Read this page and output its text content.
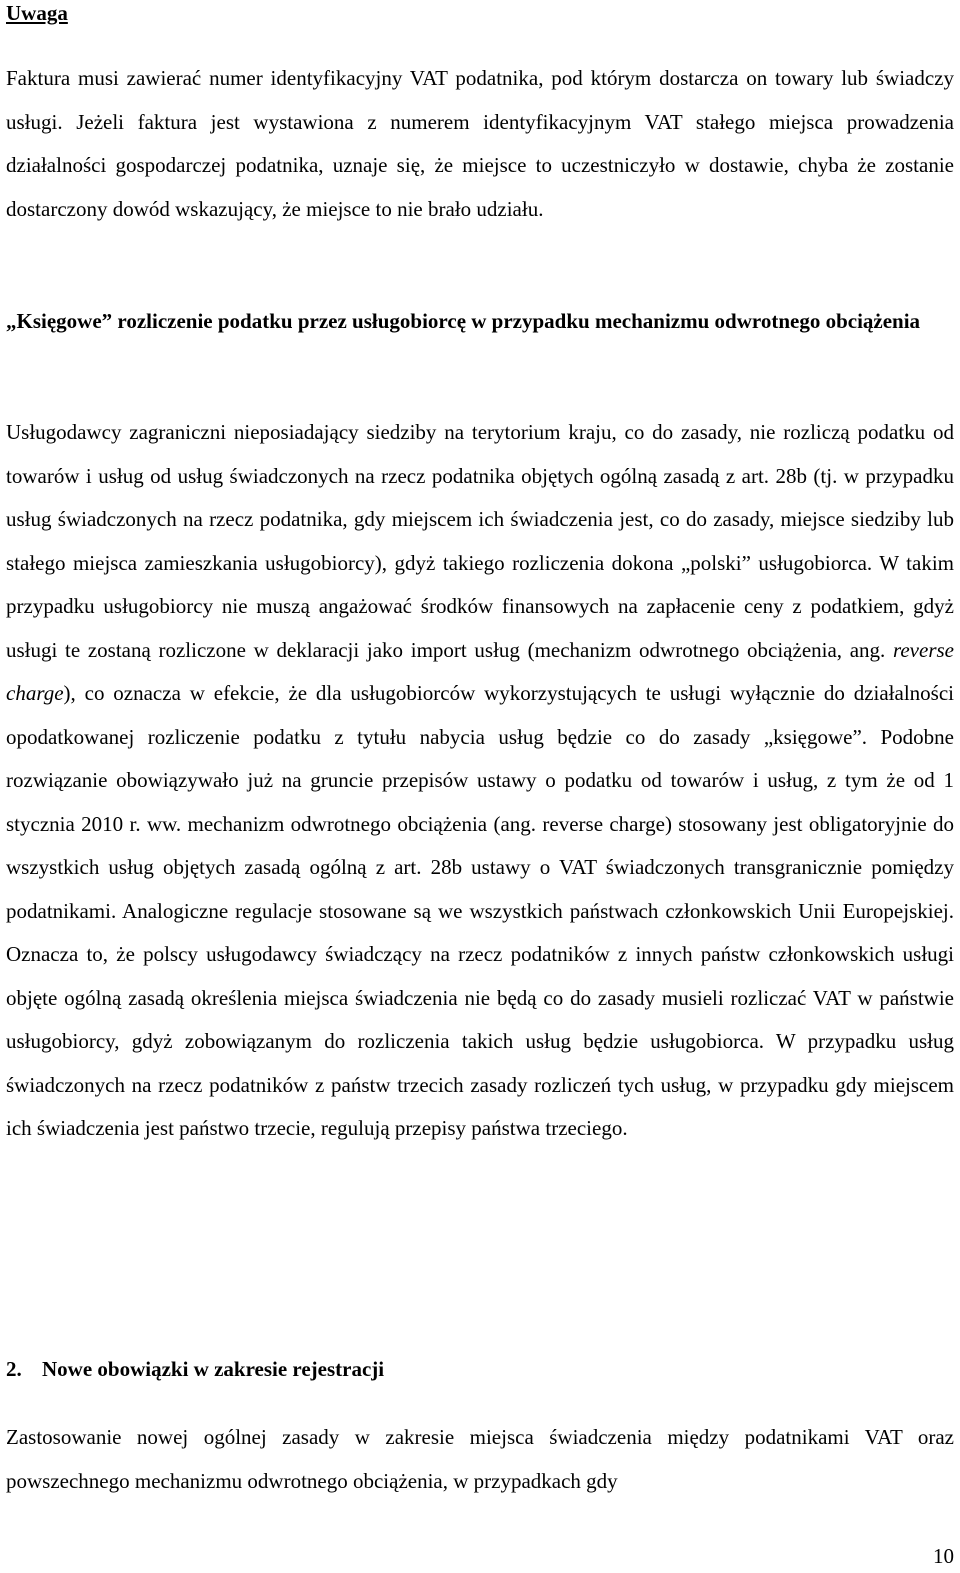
Uwaga

Faktura musi zawierać numer identyfikacyjny VAT podatnika, pod którym dostarcza on towary lub świadczy usługi. Jeżeli faktura jest wystawiona z numerem identyfikacyjnym VAT stałego miejsca prowadzenia działalności gospodarczej podatnika, uznaje się, że miejsce to uczestniczyło w dostawie, chyba że zostanie dostarczony dowód wskazujący, że miejsce to nie brało udziału.

„Księgowe” rozliczenie podatku przez usługobiorcę w przypadku mechanizmu odwrotnego obciążenia

Usługodawcy zagraniczni nieposiadający siedziby na terytorium kraju, co do zasady, nie rozliczą podatku od towarów i usług od usług świadczonych na rzecz podatnika objętych ogólną zasadą z art. 28b (tj. w przypadku usług świadczonych na rzecz podatnika, gdy miejscem ich świadczenia jest, co do zasady, miejsce siedziby lub stałego miejsca zamieszkania usługobiorcy), gdyż takiego rozliczenia dokona „polski” usługobiorca. W takim przypadku usługobiorcy nie muszą angażować środków finansowych na zapłacenie ceny z podatkiem, gdyż usługi te zostaną rozliczone w deklaracji jako import usług (mechanizm odwrotnego obciążenia, ang. reverse charge), co oznacza w efekcie, że dla usługobiorców wykorzystujących te usługi wyłącznie do działalności opodatkowanej rozliczenie podatku z tytułu nabycia usług będzie co do zasady „księgowe”. Podobne rozwiązanie obowiązywało już na gruncie przepisów ustawy o podatku od towarów i usług, z tym że od 1 stycznia 2010 r. ww. mechanizm odwrotnego obciążenia (ang. reverse charge) stosowany jest obligatoryjnie do wszystkich usług objętych zasadą ogólną z art. 28b ustawy o VAT świadczonych transgranicznie pomiędzy podatnikami. Analogiczne regulacje stosowane są we wszystkich państwach członkowskich Unii Europejskiej. Oznacza to, że polscy usługodawcy świadczący na rzecz podatników z innych państw członkowskich usługi objęte ogólną zasadą określenia miejsca świadczenia nie będą co do zasady musieli rozliczać VAT w państwie usługobiorcy, gdyż zobowiązanym do rozliczenia takich usług będzie usługobiorca. W przypadku usług świadczonych na rzecz podatników z państw trzecich zasady rozliczeń tych usług, w przypadku gdy miejscem ich świadczenia jest państwo trzecie, regulują przepisy państwa trzeciego.

2. Nowe obowiązki w zakresie rejestracji

Zastosowanie nowej ogólnej zasady w zakresie miejsca świadczenia między podatnikami VAT oraz powszechnego mechanizmu odwrotnego obciążenia, w przypadkach gdy

10
